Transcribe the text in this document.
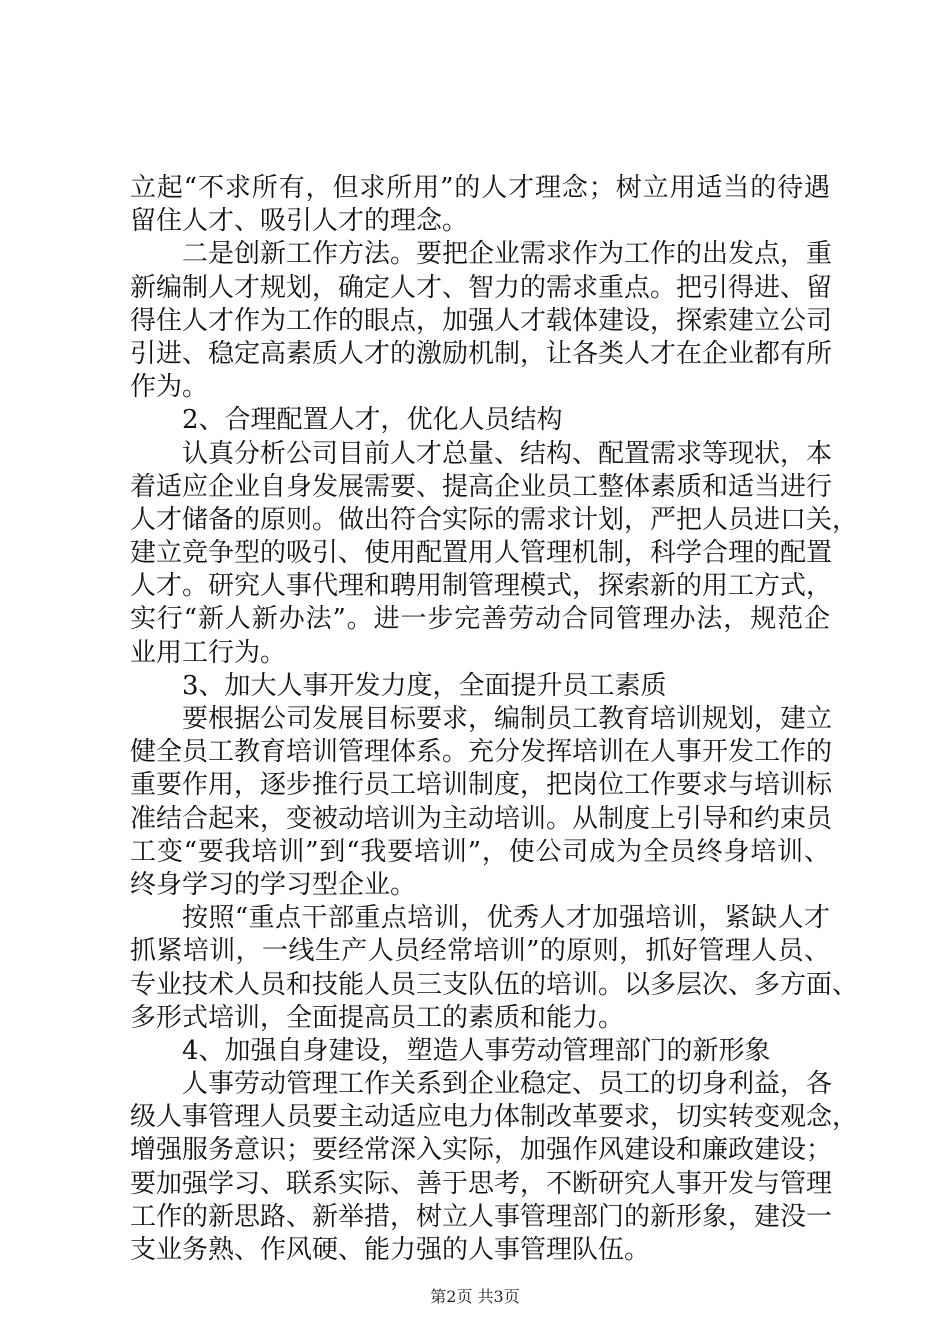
立起“不求所有，但求所用”的人才理念；树立用适当的待遇
留住人才、吸引人才的理念。
二是创新工作方法。要把企业需求作为工作的出发点，重
新编制人才规划，确定人才、智力的需求重点。把引得进、留
得住人才作为工作的眼点，加强人才载体建设，探索建立公司
引进、稳定高素质人才的激励机制，让各类人才在企业都有所
作为。
2、合理配置人才，优化人员结构
认真分析公司目前人才总量、结构、配置需求等现状，本
着适应企业自身发展需要、提高企业员工整体素质和适当进行
人才储备的原则。做出符合实际的需求计划，严把人员进口关，
建立竞争型的吸引、使用配置用人管理机制，科学合理的配置
人才。研究人事代理和聘用制管理模式，探索新的用工方式，
实行“新人新办法”。进一步完善劳动合同管理办法，规范企
业用工行为。
3、加大人事开发力度，全面提升员工素质
要根据公司发展目标要求，编制员工教育培训规划，建立
健全员工教育培训管理体系。充分发挥培训在人事开发工作的
重要作用，逐步推行员工培训制度，把岗位工作要求与培训标
准结合起来，变被动培训为主动培训。从制度上引导和约束员
工变“要我培训”到“我要培训”，使公司成为全员终身培训、
终身学习的学习型企业。
按照“重点干部重点培训，优秀人才加强培训，紧缺人才
抓紧培训，一线生产人员经常培训”的原则，抓好管理人员、
专业技术人员和技能人员三支队伍的培训。以多层次、多方面、
多形式培训，全面提高员工的素质和能力。
4、加强自身建设，塑造人事劳动管理部门的新形象
人事劳动管理工作关系到企业稳定、员工的切身利益，各
级人事管理人员要主动适应电力体制改革要求，切实转变观念，
增强服务意识；要经常深入实际，加强作风建设和廉政建设；
要加强学习、联系实际、善于思考，不断研究人事开发与管理
工作的新思路、新举措，树立人事管理部门的新形象，建没一
支业务熟、作风硬、能力强的人事管理队伍。
第2页 共3页
